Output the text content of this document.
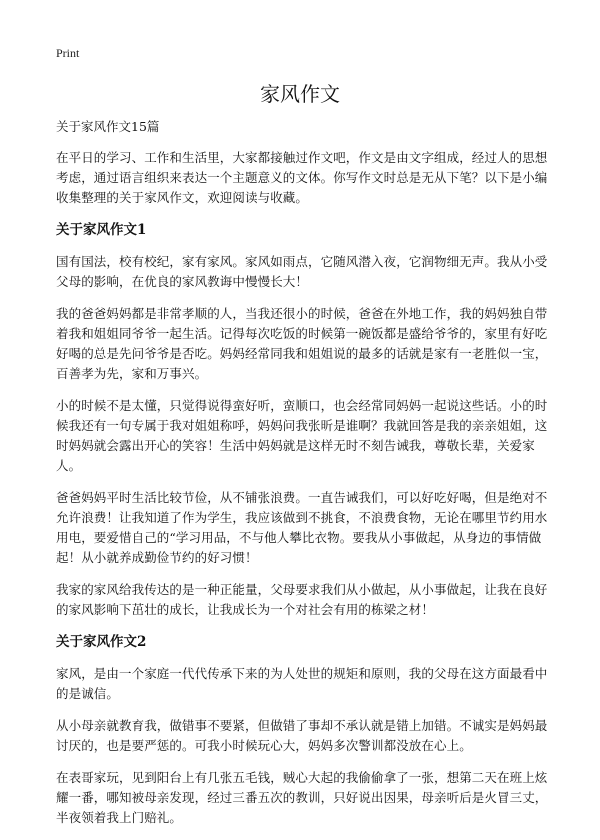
Print
家风作文
关于家风作文15篇

在平日的学习、工作和生活里，大家都接触过作文吧，作文是由文字组成，经过人的思想考虑，通过语言组织来表达一个主题意义的文体。你写作文时总是无从下笔？以下是小编收集整理的关于家风作文，欢迎阅读与收藏。

关于家风作文1

国有国法，校有校纪，家有家风。家风如雨点，它随风潜入夜，它润物细无声。我从小受父母的影响，在优良的家风教诲中慢慢长大！

我的爸爸妈妈都是非常孝顺的人，当我还很小的时候，爸爸在外地工作，我的妈妈独自带着我和姐姐同爷爷一起生活。记得每次吃饭的时候第一碗饭都是盛给爷爷的，家里有好吃好喝的总是先问爷爷是否吃。妈妈经常同我和姐姐说的最多的话就是家有一老胜似一宝，百善孝为先，家和万事兴。

小的时候不是太懂，只觉得说得蛮好听，蛮顺口，也会经常同妈妈一起说这些话。小的时候我还有一句专属于我对姐姐称呼，妈妈问我张昕是谁啊？我就回答是我的亲亲姐姐，这时妈妈就会露出开心的笑容！生活中妈妈就是这样无时不刻告诫我，尊敬长辈，关爱家人。

爸爸妈妈平时生活比较节俭，从不铺张浪费。一直告诫我们，可以好吃好喝，但是绝对不允许浪费！让我知道了作为学生，我应该做到不挑食，不浪费食物，无论在哪里节约用水用电，要爱惜自己的“学习用品，不与他人攀比衣物。要我从小事做起，从身边的事情做起！从小就养成勤俭节约的好习惯！

我家的家风给我传达的是一种正能量，父母要求我们从小做起，从小事做起，让我在良好的家风影响下茁壮的成长，让我成长为一个对社会有用的栋梁之材！

关于家风作文2

家风，是由一个家庭一代代传承下来的为人处世的规矩和原则，我的父母在这方面最看中的是诚信。

从小母亲就教育我，做错事不要紧，但做错了事却不承认就是错上加错。不诚实是妈妈最讨厌的，也是要严惩的。可我小时候玩心大，妈妈多次警训都没放在心上。

在表哥家玩，见到阳台上有几张五毛钱，贼心大起的我偷偷拿了一张，想第二天在班上炫耀一番，哪知被母亲发现，经过三番五次的教训，只好说出因果，母亲听后是火冒三丈，半夜领着我上门赔礼。
